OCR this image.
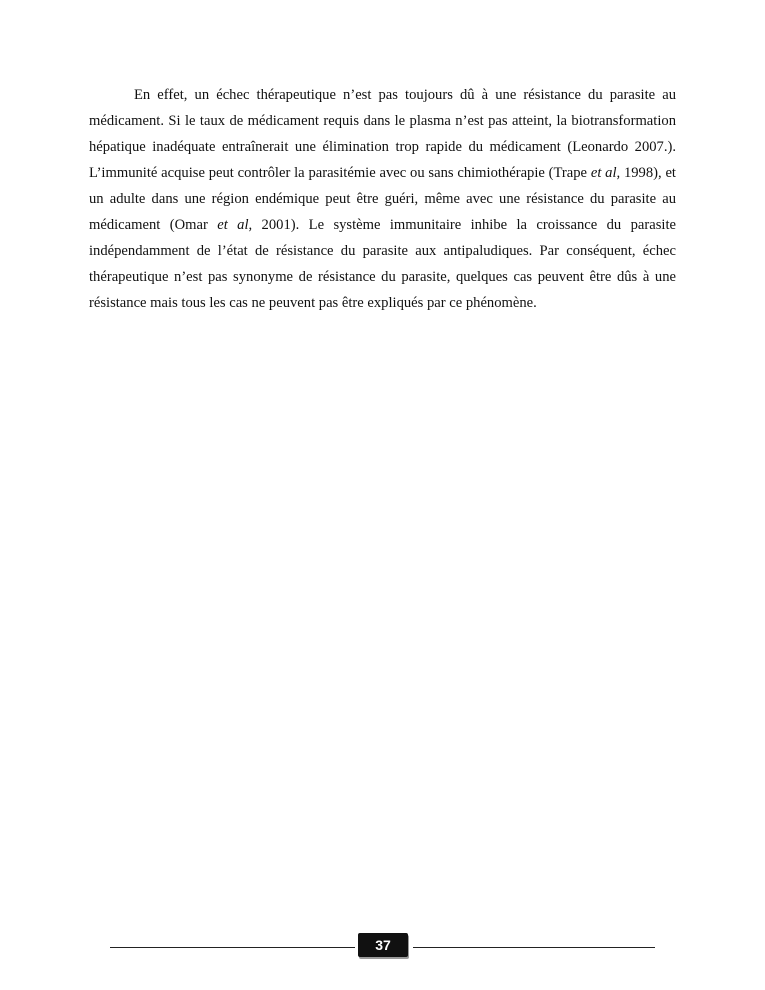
En effet, un échec thérapeutique n’est pas toujours dû à une résistance du parasite au médicament. Si le taux de médicament requis dans le plasma n’est pas atteint, la biotransformation hépatique inadéquate entraînerait une élimination trop rapide du médicament (Leonardo 2007.). L’immunité acquise peut contrôler la parasitémie avec ou sans chimiothérapie (Trape et al, 1998), et un adulte dans une région endémique peut être guéri, même avec une résistance du parasite au médicament (Omar et al, 2001). Le système immunitaire inhibe la croissance du parasite indépendamment de l’état de résistance du parasite aux antipaludiques. Par conséquent, échec thérapeutique n’est pas synonyme de résistance du parasite, quelques cas peuvent être dûs à une résistance mais tous les cas ne peuvent pas être expliqués par ce phénomène.

37
